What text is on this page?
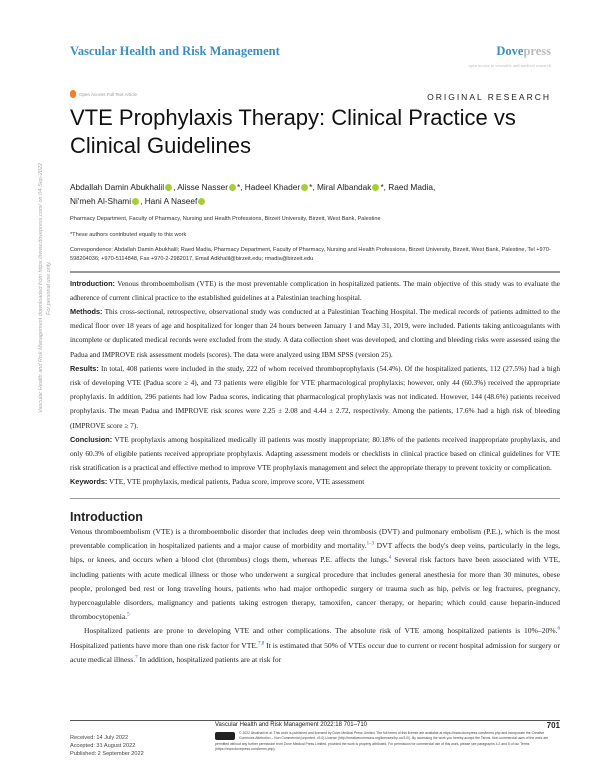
Vascular Health and Risk Management	Dovepress
open access to scientific and medical research
Open Access Full Text Article	ORIGINAL RESEARCH
VTE Prophylaxis Therapy: Clinical Practice vs Clinical Guidelines
Abdallah Damin Abukhalil , Alisse Nasser *, Hadeel Khader *, Miral Albandak *, Raed Madia,
Ni'meh Al-Shami , Hani A Naseef
Pharmacy Department, Faculty of Pharmacy, Nursing and Health Professions, Birzeit University, Birzeit, West Bank, Palestine
*These authors contributed equally to this work
Correspondence: Abdallah Damin Abukhalil; Raed Madia, Pharmacy Department, Faculty of Pharmacy, Nursing and Health Professions, Birzeit University, Birzeit, West Bank, Palestine, Tel +970-598204036; +970-5114848, Fax +970-2-2982017, Email Adkhalil@birzeit.edu; rmadia@birzeit.edu
Introduction: Venous thromboembolism (VTE) is the most preventable complication in hospitalized patients. The main objective of this study was to evaluate the adherence of current clinical practice to the established guidelines at a Palestinian teaching hospital.
Methods: This cross-sectional, retrospective, observational study was conducted at a Palestinian Teaching Hospital. The medical records of patients admitted to the medical floor over 18 years of age and hospitalized for longer than 24 hours between January 1 and May 31, 2019, were included. Patients taking anticoagulants with incomplete or duplicated medical records were excluded from the study. A data collection sheet was developed, and clotting and bleeding risks were assessed using the Padua and IMPROVE risk assessment models (scores). The data were analyzed using IBM SPSS (version 25).
Results: In total, 408 patients were included in the study, 222 of whom received thromboprophylaxis (54.4%). Of the hospitalized patients, 112 (27.5%) had a high risk of developing VTE (Padua score ≥ 4), and 73 patients were eligible for VTE pharmacological prophylaxis; however, only 44 (60.3%) received the appropriate prophylaxis. In addition, 296 patients had low Padua scores, indicating that pharmacological prophylaxis was not indicated. However, 144 (48.6%) patients received prophylaxis. The mean Padua and IMPROVE risk scores were 2.25 ± 2.08 and 4.44 ± 2.72, respectively. Among the patients, 17.6% had a high risk of bleeding (IMPROVE score ≥ 7).
Conclusion: VTE prophylaxis among hospitalized medically ill patients was mostly inappropriate; 80.18% of the patients received inappropriate prophylaxis, and only 60.3% of eligible patients received appropriate prophylaxis. Adapting assessment models or checklists in clinical practice based on clinical guidelines for VTE risk stratification is a practical and effective method to improve VTE prophylaxis management and select the appropriate therapy to prevent toxicity or complication.
Keywords: VTE, VTE prophylaxis, medical patients, Padua score, improve score, VTE assessment
Introduction

Venous thromboembolism (VTE) is a thromboembolic disorder that includes deep vein thrombosis (DVT) and pulmonary embolism (P.E.), which is the most preventable complication in hospitalized patients and a major cause of morbidity and mortality.$^{1-3}$ DVT affects the body's deep veins, particularly in the legs, hips, or knees, and occurs when a blood clot (thrombus) clogs them, whereas P.E. affects the lungs.$^4$ Several risk factors have been associated with VTE, including patients with acute medical illness or those who underwent a surgical procedure that includes general anesthesia for more than 30 minutes, obese people, prolonged bed rest or long traveling hours, patients who had major orthopedic surgery or trauma such as hip, pelvis or leg fractures, pregnancy, hypercoagulable disorders, malignancy and patients taking estrogen therapy, tamoxifen, cancer therapy, or heparin; which could cause heparin-induced thrombocytopenia.$^5$

Hospitalized patients are prone to developing VTE and other complications. The absolute risk of VTE among hospitalized patients is 10%–20%.$^6$ Hospitalized patients have more than one risk factor for VTE.$^{7,8}$ It is estimated that 50% of VTEs occur due to current or recent hospital admission for surgery or acute medical illness.$^7$ In addition, hospitalized patients are at risk for

Vascular Health and Risk Management downloaded from https://www.dovepress.com/ on 04-Sep-2022 For personal use only.
Received: 14 July 2022
Accepted: 31 August 2022
Published: 2 September 2022
Vascular Health and Risk Management 2022:18 701–710	701
© 2022 Abukhalil et al. This work is published and licensed by Dove Medical Press Limited. The full terms of this license are available at https://www.dovepress.com/terms.php and incorporate the Creative Commons Attribution – Non Commercial (unported, v3.0) License (http://creativecommons.org/licenses/by-nc/3.0/). By accessing the work you hereby accept the Terms. Non-commercial uses of the work are permitted without any further permission from Dove Medical Press Limited, provided the work is properly attributed. For permission for commercial use of this work, please see paragraphs 4.2 and 5 of our Terms (https://www.dovepress.com/terms.php).
